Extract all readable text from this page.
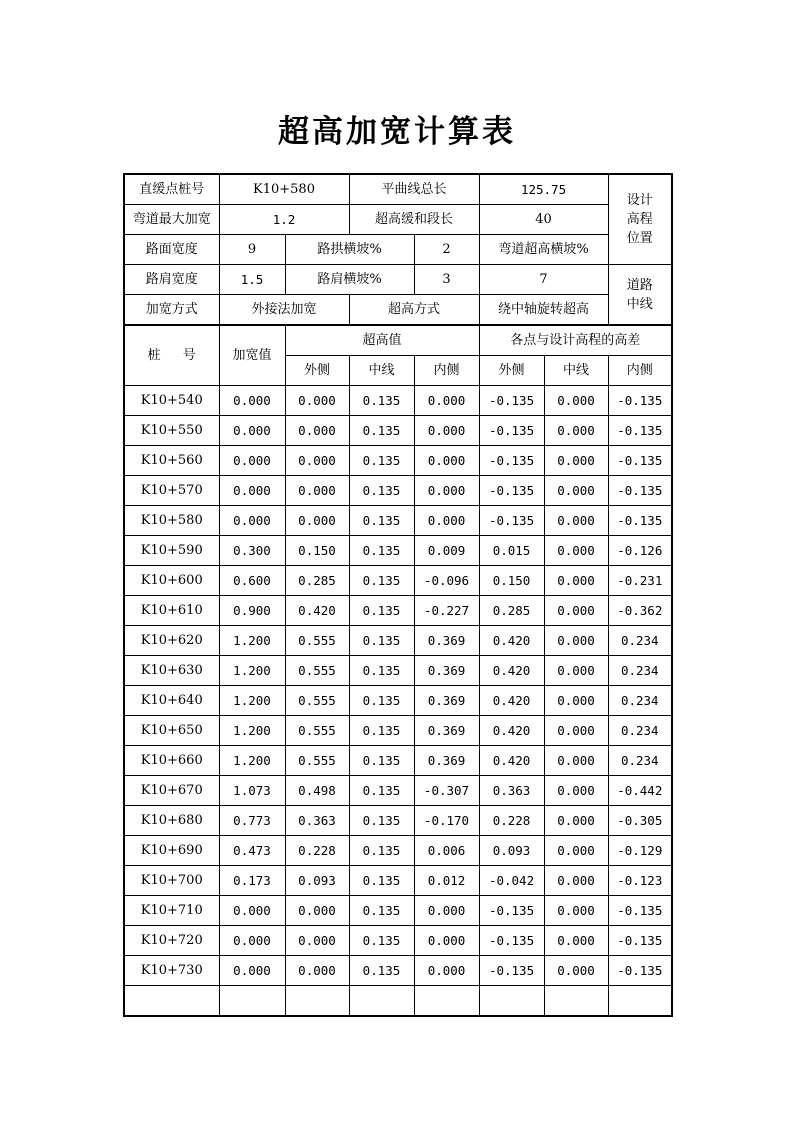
超高加宽计算表
直缓点桩号	K10+580		平曲线总长		125.75		设计
高程
位置
弯道最大加宽	1.2		超高缓和段长		40		
路面宽度	9	路拱横坡%		2	弯道超高横坡%		
路肩宽度	1.5	路肩横坡%		3	7		道路
中线
加宽方式	外接法加宽		超高方式		绕中轴旋转超高		
桩 号	加宽值	超高值			各点与设计高程的高差		
		外侧	中线	内侧	外侧	中线	内侧
K10+540	0.000	0.000	0.135	0.000	-0.135	0.000	-0.135
K10+550	0.000	0.000	0.135	0.000	-0.135	0.000	-0.135
K10+560	0.000	0.000	0.135	0.000	-0.135	0.000	-0.135
K10+570	0.000	0.000	0.135	0.000	-0.135	0.000	-0.135
K10+580	0.000	0.000	0.135	0.000	-0.135	0.000	-0.135
K10+590	0.300	0.150	0.135	0.009	0.015	0.000	-0.126
K10+600	0.600	0.285	0.135	-0.096	0.150	0.000	-0.231
K10+610	0.900	0.420	0.135	-0.227	0.285	0.000	-0.362
K10+620	1.200	0.555	0.135	0.369	0.420	0.000	0.234
K10+630	1.200	0.555	0.135	0.369	0.420	0.000	0.234
K10+640	1.200	0.555	0.135	0.369	0.420	0.000	0.234
K10+650	1.200	0.555	0.135	0.369	0.420	0.000	0.234
K10+660	1.200	0.555	0.135	0.369	0.420	0.000	0.234
K10+670	1.073	0.498	0.135	-0.307	0.363	0.000	-0.442
K10+680	0.773	0.363	0.135	-0.170	0.228	0.000	-0.305
K10+690	0.473	0.228	0.135	0.006	0.093	0.000	-0.129
K10+700	0.173	0.093	0.135	0.012	-0.042	0.000	-0.123
K10+710	0.000	0.000	0.135	0.000	-0.135	0.000	-0.135
K10+720	0.000	0.000	0.135	0.000	-0.135	0.000	-0.135
K10+730	0.000	0.000	0.135	0.000	-0.135	0.000	-0.135
